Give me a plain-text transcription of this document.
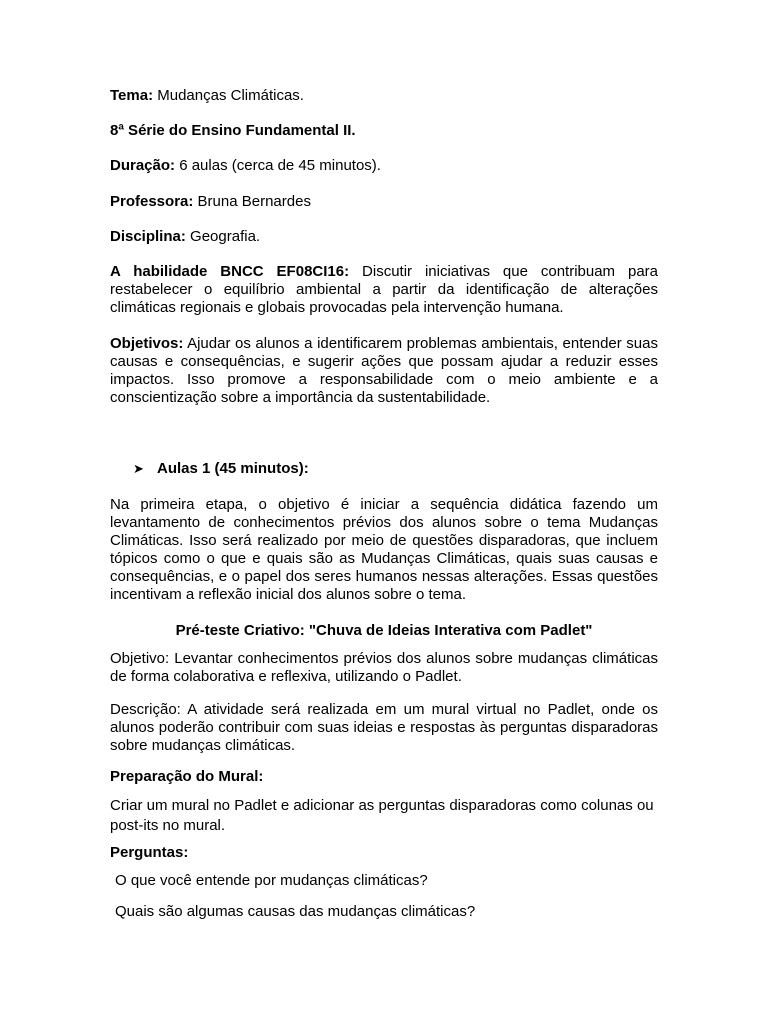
Tema: Mudanças Climáticas.

8ª Série do Ensino Fundamental II.

Duração: 6 aulas (cerca de 45 minutos).

Professora: Bruna Bernardes

Disciplina: Geografia.

A habilidade BNCC EF08CI16: Discutir iniciativas que contribuam para restabelecer o equilíbrio ambiental a partir da identificação de alterações climáticas regionais e globais provocadas pela intervenção humana.

Objetivos: Ajudar os alunos a identificarem problemas ambientais, entender suas causas e consequências, e sugerir ações que possam ajudar a reduzir esses impactos. Isso promove a responsabilidade com o meio ambiente e a conscientização sobre a importância da sustentabilidade.

➤ Aulas 1 (45 minutos):

Na primeira etapa, o objetivo é iniciar a sequência didática fazendo um levantamento de conhecimentos prévios dos alunos sobre o tema Mudanças Climáticas. Isso será realizado por meio de questões disparadoras, que incluem tópicos como o que e quais são as Mudanças Climáticas, quais suas causas e consequências, e o papel dos seres humanos nessas alterações. Essas questões incentivam a reflexão inicial dos alunos sobre o tema.

Pré-teste Criativo: "Chuva de Ideias Interativa com Padlet"

Objetivo: Levantar conhecimentos prévios dos alunos sobre mudanças climáticas de forma colaborativa e reflexiva, utilizando o Padlet.

Descrição: A atividade será realizada em um mural virtual no Padlet, onde os alunos poderão contribuir com suas ideias e respostas às perguntas disparadoras sobre mudanças climáticas.

Preparação do Mural:

Criar um mural no Padlet e adicionar as perguntas disparadoras como colunas ou post-its no mural.

Perguntas:

O que você entende por mudanças climáticas?

Quais são algumas causas das mudanças climáticas?
